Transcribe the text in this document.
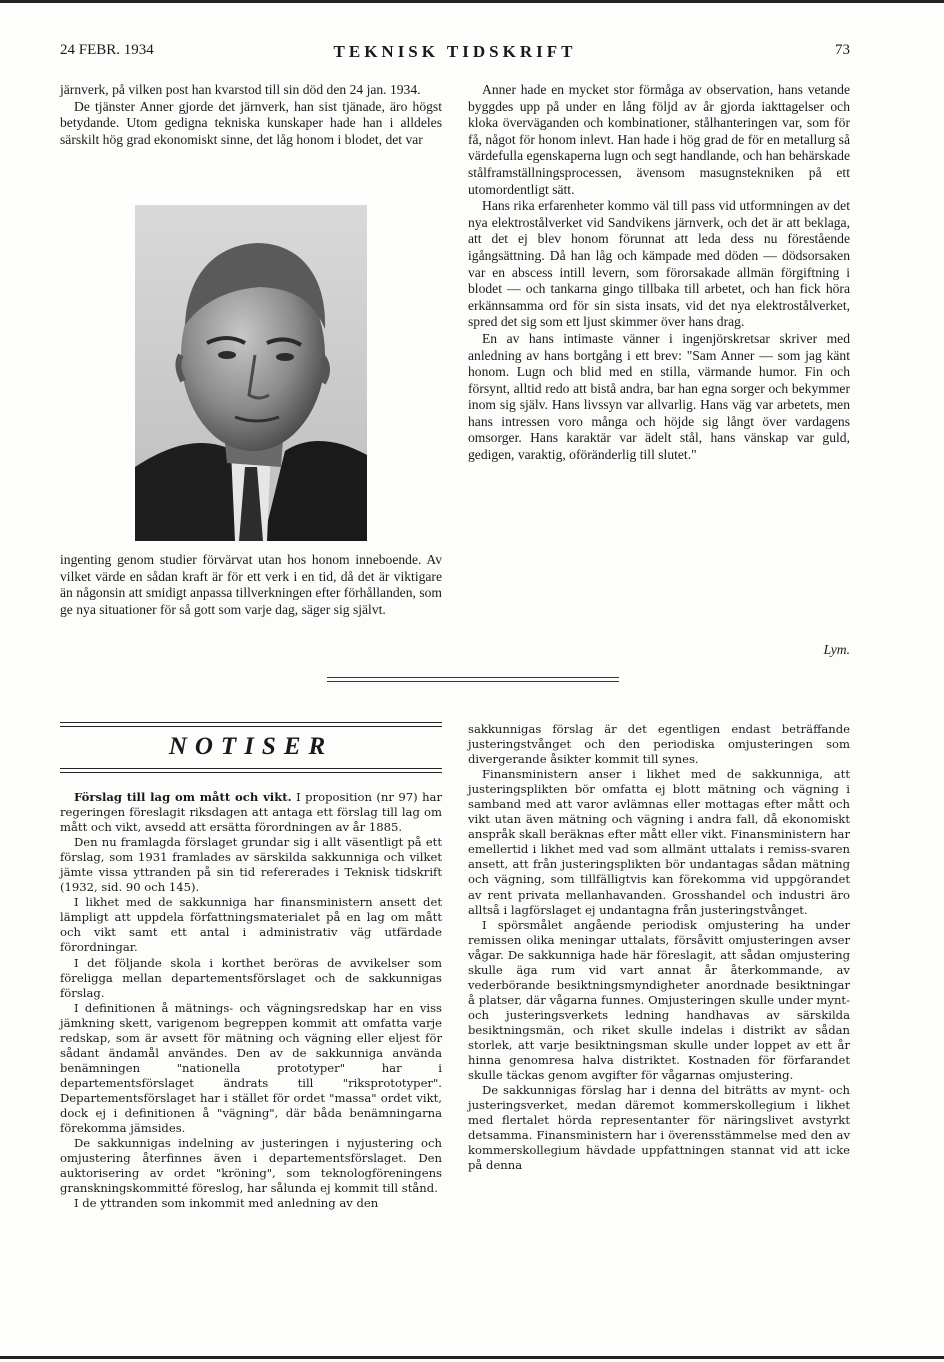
24 FEBR. 1934	TEKNISK TIDSKRIFT	73

järnverk, på vilken post han kvarstod till sin död den 24 jan. 1934.

De tjänster Anner gjorde det järnverk, han sist tjänade, äro högst betydande. Utom gedigna tekniska kunskaper hade han i alldeles särskilt hög grad ekonomiskt sinne, det låg honom i blodet, det var

ingenting genom studier förvärvat utan hos honom inneboende. Av vilket värde en sådan kraft är för ett verk i en tid, då det är viktigare än någonsin att smidigt anpassa tillverkningen efter förhållanden, som ge nya situationer för så gott som varje dag, säger sig självt.

Anner hade en mycket stor förmåga av observation, hans vetande byggdes upp på under en lång följd av år gjorda iakttagelser och kloka överväganden och kombinationer, stålhanteringen var, som för få, något för honom inlevt. Han hade i hög grad de för en metallurg så värdefulla egenskaperna lugn och segt handlande, och han behärskade stålframställningsprocessen, ävensom masugnstekniken på ett utomordentligt sätt.

Hans rika erfarenheter kommo väl till pass vid utformningen av det nya elektrostålverket vid Sandvikens järnverk, och det är att beklaga, att det ej blev honom förunnat att leda dess nu förestående igångsättning. Då han låg och kämpade med döden — dödsorsaken var en abscess intill levern, som förorsakade allmän förgiftning i blodet — och tankarna gingo tillbaka till arbetet, och han fick höra erkännsamma ord för sin sista insats, vid det nya elektrostålverket, spred det sig som ett ljust skimmer över hans drag.

En av hans intimaste vänner i ingenjörskretsar skriver med anledning av hans bortgång i ett brev: "Sam Anner — som jag känt honom. Lugn och blid med en stilla, värmande humor. Fin och försynt, alltid redo att bistå andra, bar han egna sorger och bekymmer inom sig själv. Hans livssyn var allvarlig. Hans väg var arbetets, men hans intressen voro många och höjde sig långt över vardagens omsorger. Hans karaktär var ädelt stål, hans vänskap var guld, gedigen, varaktig, oföränderlig till slutet."

Lym.
NOTISER

Förslag till lag om mått och vikt. I proposition (nr 97) har regeringen föreslagit riksdagen att antaga ett förslag till lag om mått och vikt, avsedd att ersätta förordningen av år 1885.

Den nu framlagda förslaget grundar sig i allt väsentligt på ett förslag, som 1931 framlades av särskilda sakkunniga och vilket jämte vissa yttranden på sin tid refererades i Teknisk tidskrift (1932, sid. 90 och 145).

I likhet med de sakkunniga har finansministern ansett det lämpligt att uppdela författningsmaterialet på en lag om mått och vikt samt ett antal i administrativ väg utfärdade förordningar.

I det följande skola i korthet beröras de avvikelser som föreligga mellan departementsförslaget och de sakkunnigas förslag.

I definitionen å mätnings- och vägningsredskap har en viss jämkning skett, varigenom begreppen kommit att omfatta varje redskap, som är avsett för mätning och vägning eller eljest för sådant ändamål användes. Den av de sakkunniga använda benämningen "nationella prototyper" har i departementsförslaget ändrats till "riksprototyper". Departementsförslaget har i stället för ordet "massa" ordet vikt, dock ej i definitionen å "vägning", där båda benämningarna förekomma jämsides.

De sakkunnigas indelning av justeringen i nyjustering och omjustering återfinnes även i departementsförslaget. Den auktorisering av ordet "kröning", som teknologföreningens granskningskommitté föreslog, har sålunda ej kommit till stånd.

I de yttranden som inkommit med anledning av den

sakkunnigas förslag är det egentligen endast beträffande justeringstvånget och den periodiska omjusteringen som divergerande åsikter kommit till synes.

Finansministern anser i likhet med de sakkunniga, att justeringsplikten bör omfatta ej blott mätning och vägning i samband med att varor avlämnas eller mottagas efter mått och vikt utan även mätning och vägning i andra fall, då ekonomiskt anspråk skall beräknas efter mått eller vikt. Finansministern har emellertid i likhet med vad som allmänt uttalats i remiss-svaren ansett, att från justeringsplikten bör undantagas sådan mätning och vägning, som tillfälligtvis kan förekomma vid uppgörandet av rent privata mellanhavanden. Grosshandel och industri äro alltså i lagförslaget ej undantagna från justeringstvånget.

I spörsmålet angående periodisk omjustering ha under remissen olika meningar uttalats, försåvitt omjusteringen avser vågar. De sakkunniga hade här föreslagit, att sådan omjustering skulle äga rum vid vart annat år återkommande, av vederbörande besiktningsmyndigheter anordnade besiktningar å platser, där vågarna funnes. Omjusteringen skulle under mynt- och justeringsverkets ledning handhavas av särskilda besiktningsmän, och riket skulle indelas i distrikt av sådan storlek, att varje besiktningsman skulle under loppet av ett år hinna genomresa halva distriktet. Kostnaden för förfarandet skulle täckas genom avgifter för vågarnas omjustering.

De sakkunnigas förslag har i denna del biträtts av mynt- och justeringsverket, medan däremot kommerskollegium i likhet med flertalet hörda representanter för näringslivet avstyrkt detsamma. Finansministern har i överensstämmelse med den av kommerskollegium hävdade uppfattningen stannat vid att icke på denna
